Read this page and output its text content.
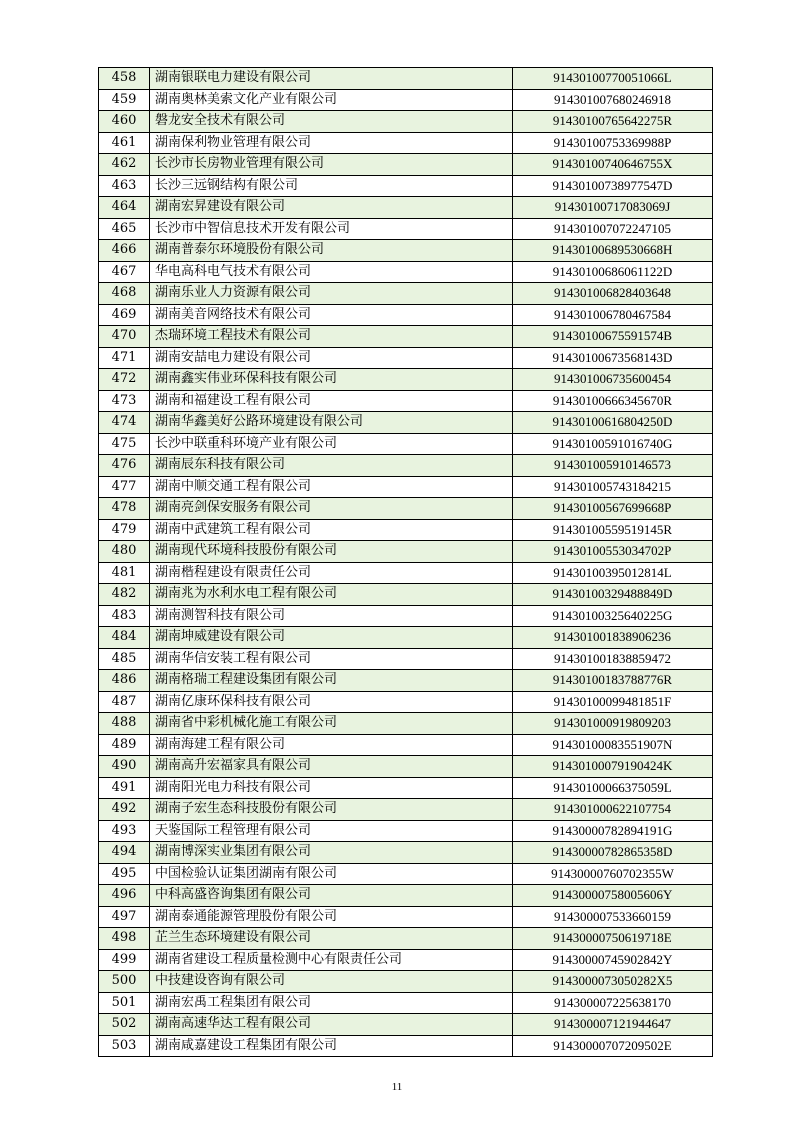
458	湖南银联电力建设有限公司	91430100770051066L
459	湖南奥林美索文化产业有限公司	914301007680246918
460	磐龙安全技术有限公司	91430100765642275R
461	湖南保利物业管理有限公司	91430100753369988P
462	长沙市长房物业管理有限公司	91430100740646755X
463	长沙三远钢结构有限公司	91430100738977547D
464	湖南宏昇建设有限公司	91430100717083069J
465	长沙市中智信息技术开发有限公司	914301007072247105
466	湖南普泰尔环境股份有限公司	91430100689530668H
467	华电高科电气技术有限公司	91430100686061122D
468	湖南乐业人力资源有限公司	914301006828403648
469	湖南美音网络技术有限公司	914301006780467584
470	杰瑞环境工程技术有限公司	91430100675591574B
471	湖南安喆电力建设有限公司	91430100673568143D
472	湖南鑫实伟业环保科技有限公司	914301006735600454
473	湖南和福建设工程有限公司	91430100666345670R
474	湖南华鑫美好公路环境建设有限公司	91430100616804250D
475	长沙中联重科环境产业有限公司	91430100591016740G
476	湖南辰东科技有限公司	914301005910146573
477	湖南中顺交通工程有限公司	914301005743184215
478	湖南亮剑保安服务有限公司	91430100567699668P
479	湖南中武建筑工程有限公司	91430100559519145R
480	湖南现代环境科技股份有限公司	91430100553034702P
481	湖南楷程建设有限责任公司	91430100395012814L
482	湖南兆为水利水电工程有限公司	91430100329488849D
483	湖南测智科技有限公司	91430100325640225G
484	湖南坤威建设有限公司	914301001838906236
485	湖南华信安装工程有限公司	914301001838859472
486	湖南格瑞工程建设集团有限公司	91430100183788776R
487	湖南亿康环保科技有限公司	91430100099481851F
488	湖南省中彩机械化施工有限公司	914301000919809203
489	湖南海建工程有限公司	91430100083551907N
490	湖南高升宏福家具有限公司	91430100079190424K
491	湖南阳光电力科技有限公司	91430100066375059L
492	湖南子宏生态科技股份有限公司	914301000622107754
493	天鉴国际工程管理有限公司	91430000782894191G
494	湖南博深实业集团有限公司	91430000782865358D
495	中国检验认证集团湖南有限公司	91430000760702355W
496	中科高盛咨询集团有限公司	91430000758005606Y
497	湖南泰通能源管理股份有限公司	914300007533660159
498	芷兰生态环境建设有限公司	91430000750619718E
499	湖南省建设工程质量检测中心有限责任公司	91430000745902842Y
500	中技建设咨询有限公司	9143000073050282X5
501	湖南宏禹工程集团有限公司	914300007225638170
502	湖南高速华达工程有限公司	914300007121944647
503	湖南咸嘉建设工程集团有限公司	91430000707209502E
11
